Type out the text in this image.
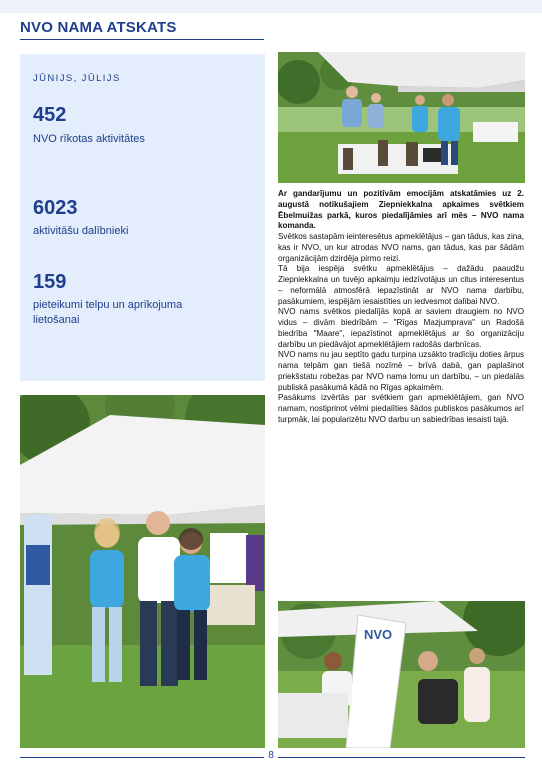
NVO NAMA ATSKATS
JŪNIJS, JŪLIJS
452
NVO rīkotas aktivitātes
6023
aktivitāšu dalībnieki
159
pieteikumi telpu un aprīkojuma lietošanai

Ar gandarījumu un pozitīvām emocijām atskatāmies uz 2. augustā notikušajiem Ziepniekkalna apkaimes svētkiem Ēbelmuižas parkā, kuros piedalījāmies arī mēs – NVO nama komanda.

Svētkos sastapām ieinteresētus apmeklētājus – gan tādus, kas zina, kas ir NVO, un kur atrodas NVO nams, gan tādus, kas par šādām organizācijām dzirdēja pirmo reizi.

Tā bija iespēja svētku apmeklētājus – dažādu paaudžu Ziepniekkalna un tuvējo apkaimju iedzīvotājus un citus interesentus – neformālā atmosfērā iepazīstināt ar NVO nama darbību, pasākumiem, iespējām iesaistīties un iedvesmot dalībai NVO.

NVO nams svētkos piedalījās kopā ar saviem draugiem no NVO vidus – divām biedrībām – "Rīgas Mazjumprava" un Radošā biedrība "Maare", iepazīstinot apmeklētājus ar šo organizāciju darbību un piedāvājot apmeklētājiem radošās darbnīcas.

NVO nams nu jau septīto gadu turpina uzsākto tradīciju doties ārpus nama telpām gan tiešā nozīmē – brīvā dabā, gan paplašinot priekšstatu robežas par NVO nama lomu un darbību, – un piedalās publiskā pasākumā kādā no Rīgas apkaimēm.

Pasākums izvērtās par svētkiem gan apmeklētājiem, gan NVO namam, nostiprinot vēlmi piedalīties šādos publiskos pasākumos arī turpmāk, lai popularizētu NVO darbu un sabiedrības iesaisti tajā.

NVO
8
